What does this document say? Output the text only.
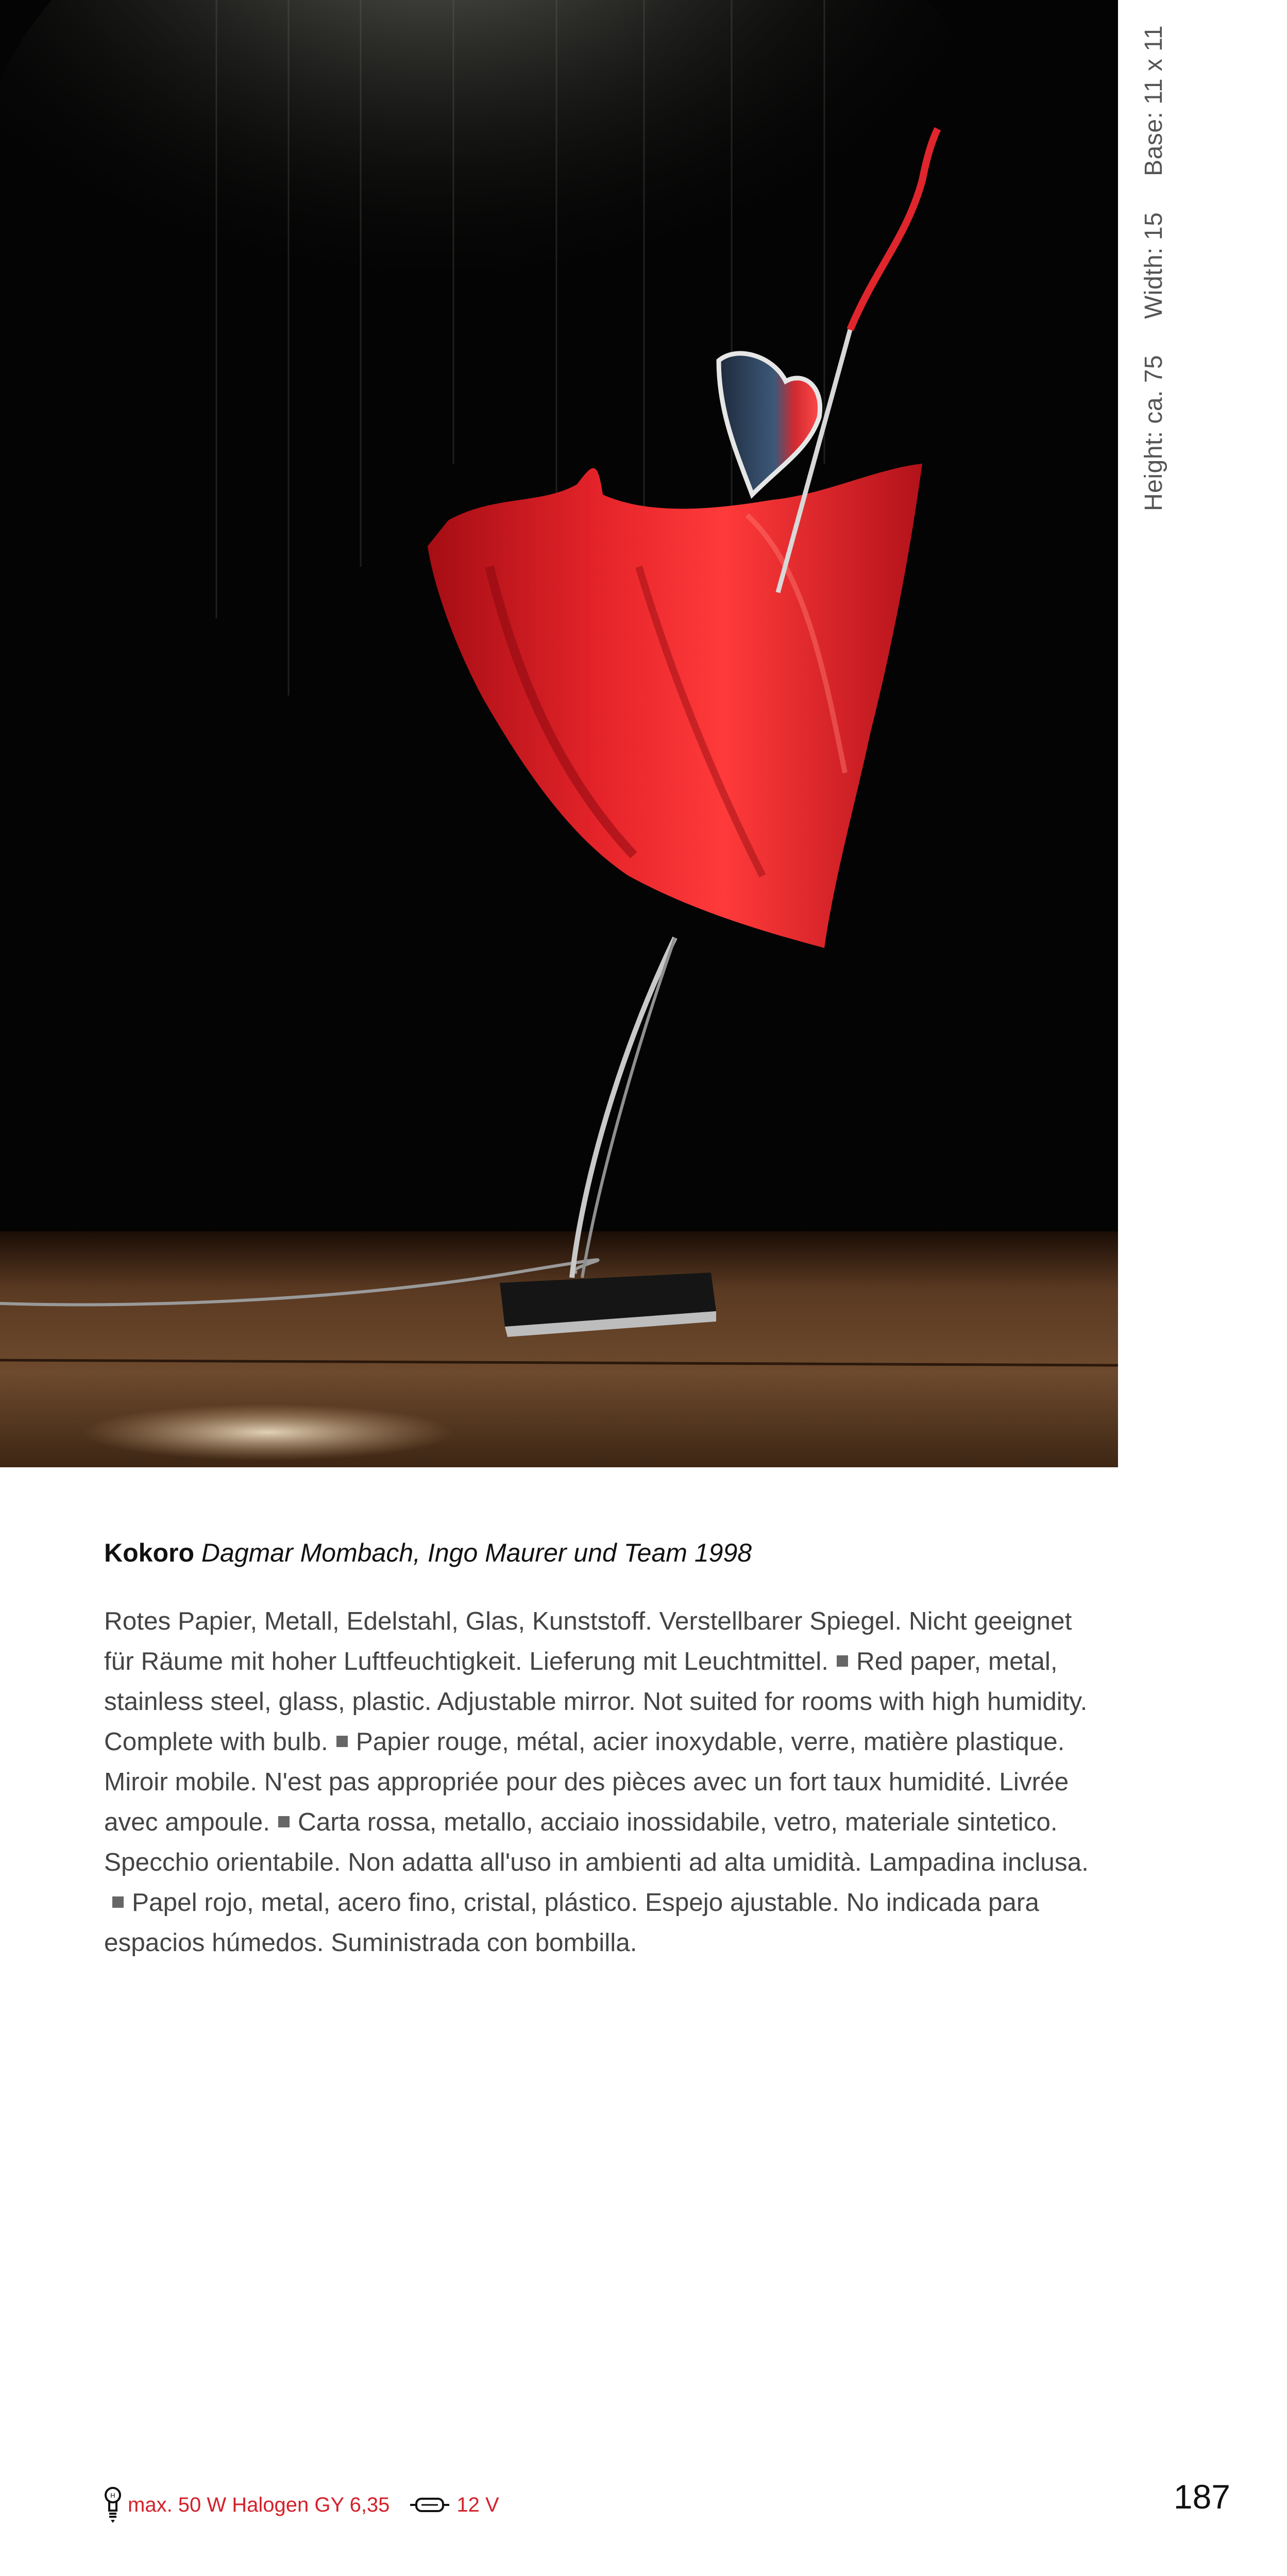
Height: ca. 75 Width: 15 Base: 11 x 11
Kokoro Dagmar Mombach, Ingo Maurer und Team 1998

Rotes Papier, Metall, Edelstahl, Glas, Kunststoff. Verstellbarer Spiegel. Nicht geeignet für Räume mit hoher Luftfeuchtigkeit. Lieferung mit Leuchtmittel. Red paper, metal, stainless steel, glass, plastic. Adjustable mirror. Not suited for rooms with high humidity. Complete with bulb. Papier rouge, métal, acier inoxydable, verre, matière plastique. Miroir mobile. N'est pas appropriée pour des pièces avec un fort taux humidité. Livrée avec ampoule. Carta rossa, metallo, acciaio inossidabile, vetro, materiale sintetico. Specchio orientabile. Non adatta all'uso in ambienti ad alta umidità. Lampadina inclusa.Papel rojo, metal, acero fino, cristal, plástico. Espejo ajustable. No indicada para espacios húmedos. Suministrada con bombilla.

H max. 50 W Halogen GY 6,35	12 V	187
